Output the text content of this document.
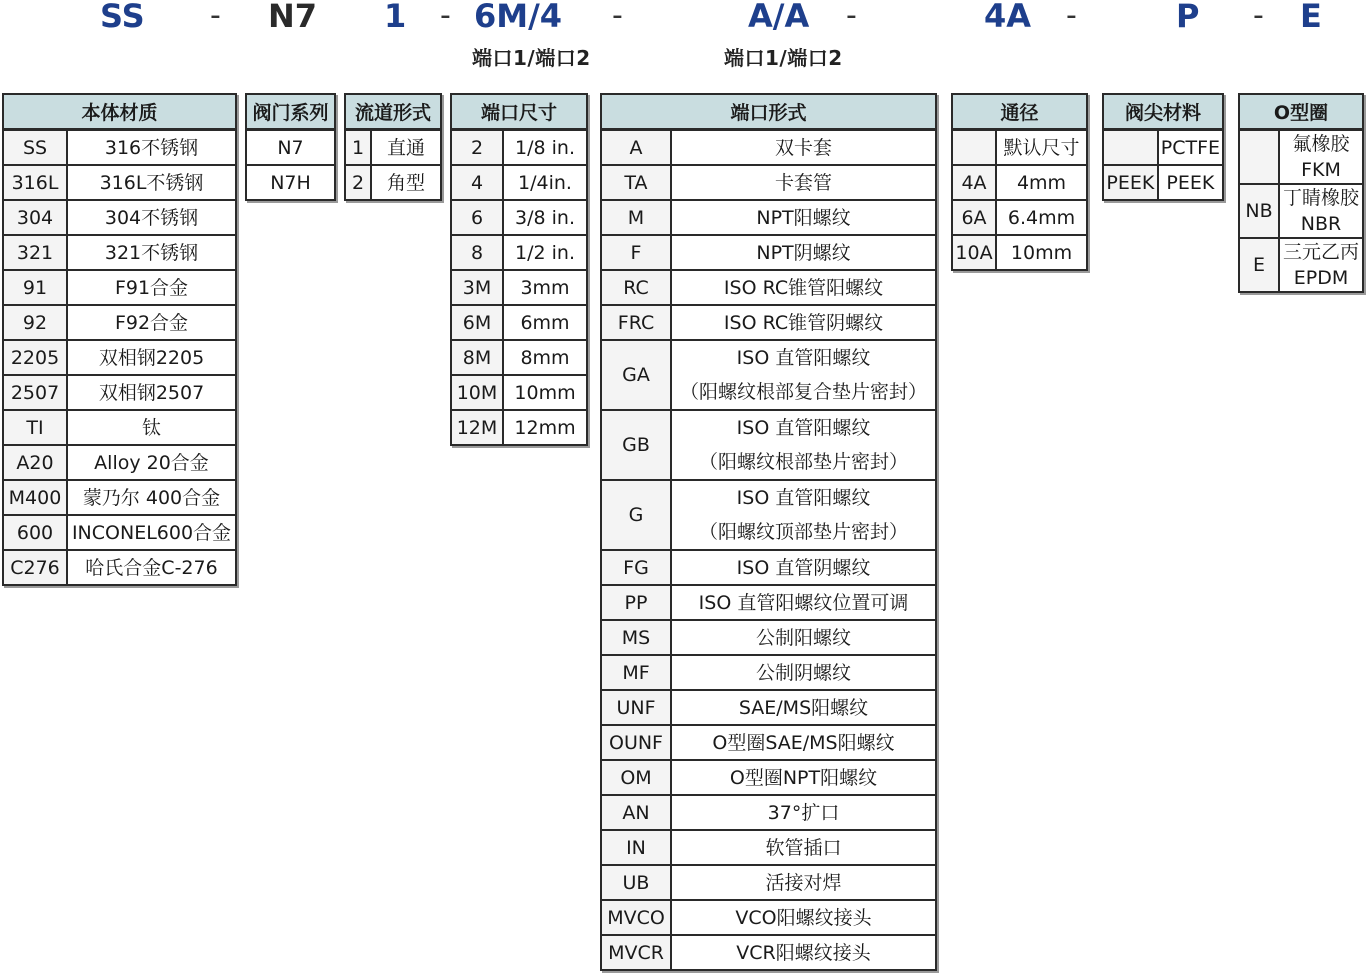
SS - N7 1 - 6M/4 -	A/A -	4A -	P - E
端口1/端口2	端口1/端口2
本体材质	
SS	316不锈钢
316L	316L不锈钢
304	304不锈钢
321	321不锈钢
91	F91合金
92	F92合金
2205	双相钢2205
2507	双相钢2507
TI	钛
A20	Alloy 20合金
M400	蒙乃尔 400合金
600	INCONEL600合金
C276	哈氏合金C-276
阀门系列
N7
N7H
流道形式	
1	直通
2	角型
端口尺寸	
2	1/8 in.
4	1/4in.
6	3/8 in.
8	1/2 in.
3M	3mm
6M	6mm
8M	8mm
10M	10mm
12M	12mm
端口形式	
A	双卡套
TA	卡套管
M	NPT阳螺纹
F	NPT阴螺纹
RC	ISO RC锥管阳螺纹
FRC	ISO RC锥管阴螺纹
GA	ISO 直管阳螺纹
（阳螺纹根部复合垫片密封）

GB	ISO 直管阳螺纹
（阳螺纹根部垫片密封）

G	ISO 直管阳螺纹
（阳螺纹顶部垫片密封）

FG	ISO 直管阴螺纹
PP	ISO 直管阳螺纹位置可调
MS	公制阳螺纹
MF	公制阴螺纹
UNF	SAE/MS阳螺纹
OUNF	O型圈SAE/MS阳螺纹
OM	O型圈NPT阳螺纹
AN	37°扩口
IN	软管插口
UB	活接对焊
MVCO	VCO阳螺纹接头
MVCR	VCR阳螺纹接头
通径	
	默认尺寸
4A	4mm
6A	6.4mm
10A	10mm
阀尖材料	
	PCTFE
PEEK	PEEK
O型圈	

	氟橡胶
FKM

NB	丁睛橡胶
NBR

E	三元乙丙
EPDM
